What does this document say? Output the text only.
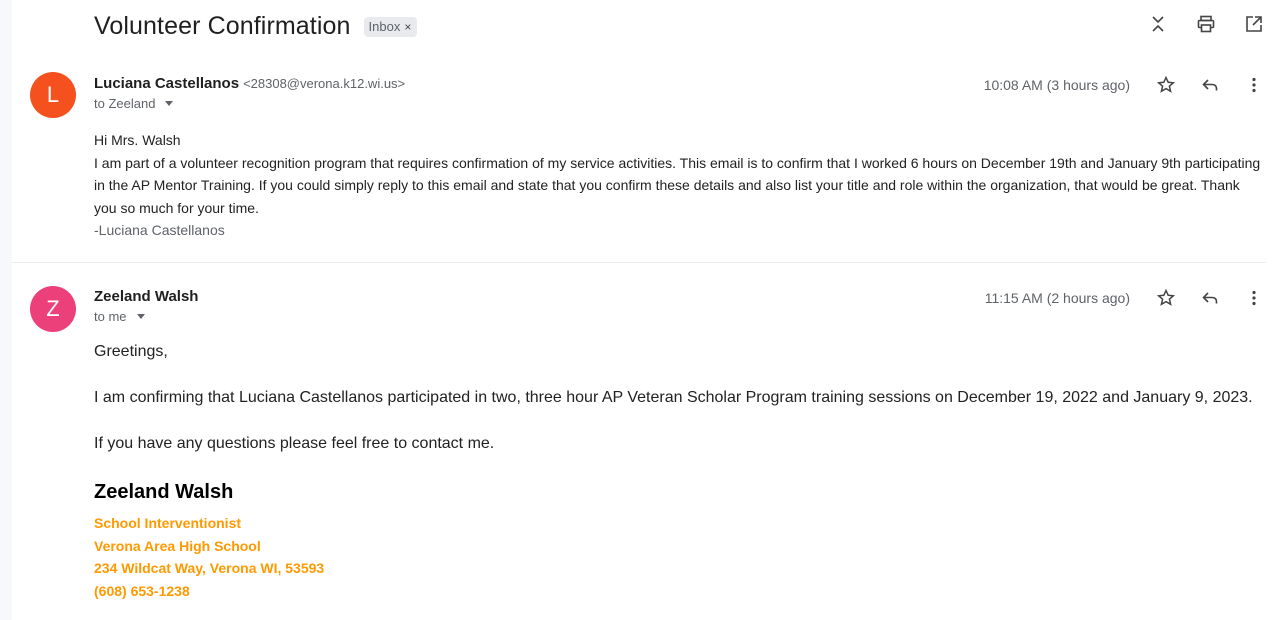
Volunteer Confirmation Inbox ×
L Luciana Castellanos <28308@verona.k12.wi.us>
to Zeeland
10:08 AM (3 hours ago)
Hi Mrs. Walsh
I am part of a volunteer recognition program that requires confirmation of my service activities. This email is to confirm that I worked 6 hours on December 19th and January 9th participating in the AP Mentor Training. If you could simply reply to this email and state that you confirm these details and also list your title and role within the organization, that would be great. Thank you so much for your time.
-Luciana Castellanos
Z Zeeland Walsh
to me
11:15 AM (2 hours ago)

Greetings,

I am confirming that Luciana Castellanos participated in two, three hour AP Veteran Scholar Program training sessions on December 19, 2022 and January 9, 2023.

If you have any questions please feel free to contact me.

Zeeland Walsh
School Interventionist
Verona Area High School
234 Wildcat Way, Verona WI, 53593
(608) 653-1238
